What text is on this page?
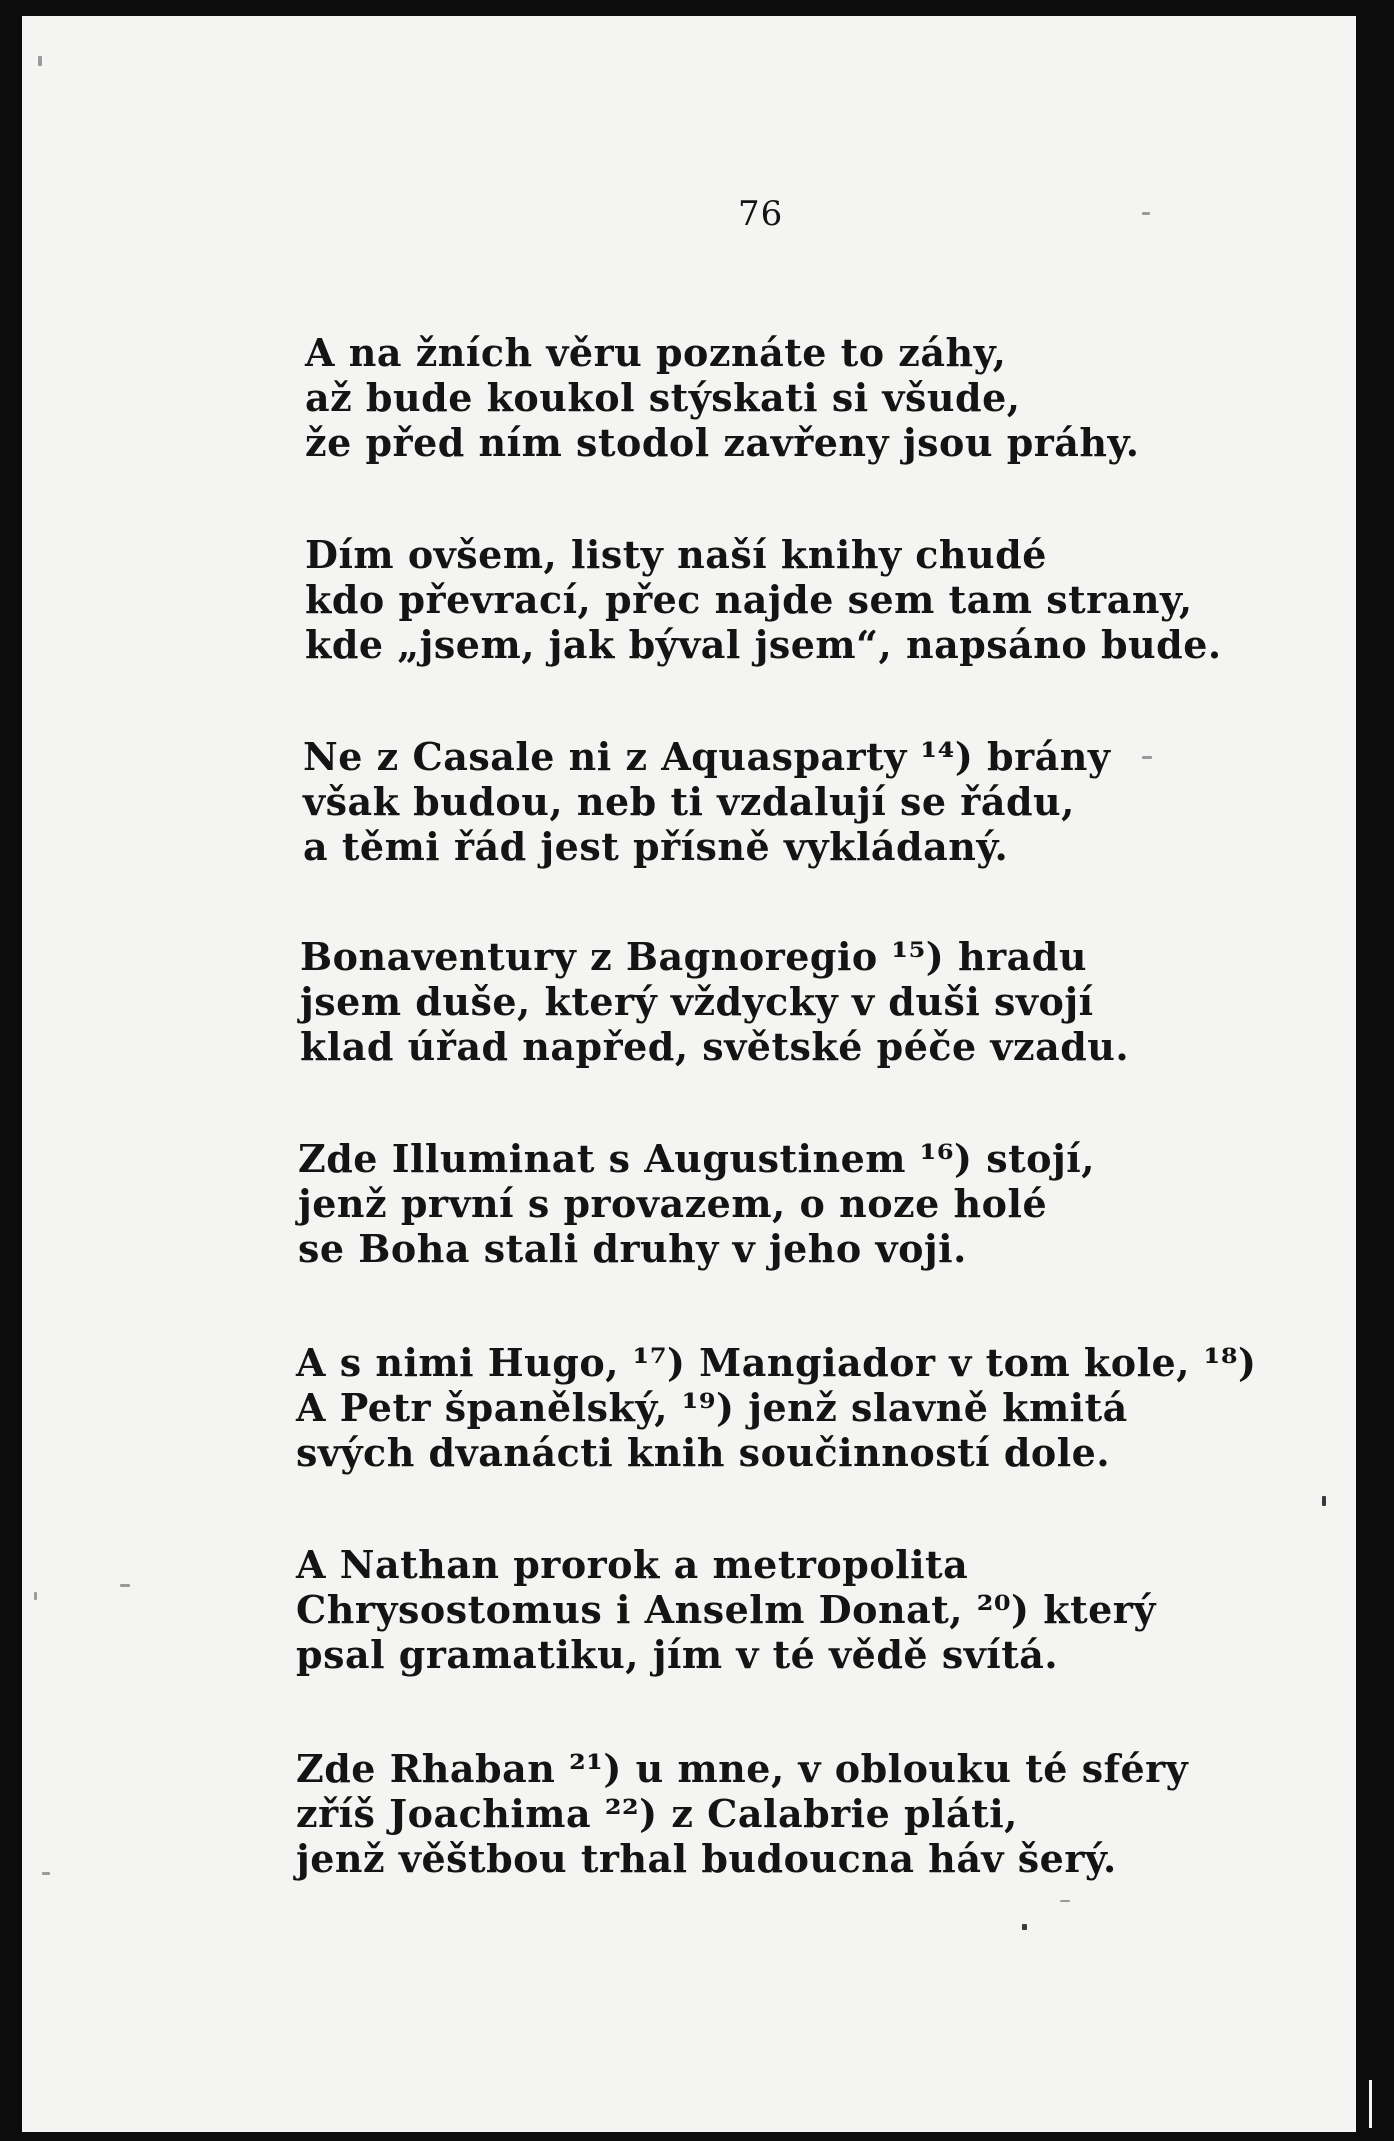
76
A na žních věru poznáte to záhy,
až bude koukol stýskati si všude,
že před ním stodol zavřeny jsou práhy.
Dím ovšem, listy naší knihy chudé
kdo převrací, přec najde sem tam strany,
kde „jsem, jak býval jsem“, napsáno bude.
Ne z Casale ni z Aquasparty ¹⁴) brány
však budou, neb ti vzdalují se řádu,
a těmi řád jest přísně vykládaný.
Bonaventury z Bagnoregio ¹⁵) hradu
jsem duše, který vždycky v duši svojí
klad úřad napřed, světské péče vzadu.
Zde Illuminat s Augustinem ¹⁶) stojí,
jenž první s provazem, o noze holé
se Boha stali druhy v jeho voji.
A s nimi Hugo, ¹⁷) Mangiador v tom kole, ¹⁸)
A Petr španělský, ¹⁹) jenž slavně kmitá
svých dvanácti knih součinností dole.
A Nathan prorok a metropolita
Chrysostomus i Anselm Donat, ²⁰) který
psal gramatiku, jím v té vědě svítá.
Zde Rhaban ²¹) u mne, v oblouku té sféry
zříš Joachima ²²) z Calabrie pláti,
jenž věštbou trhal budoucna háv šerý.
